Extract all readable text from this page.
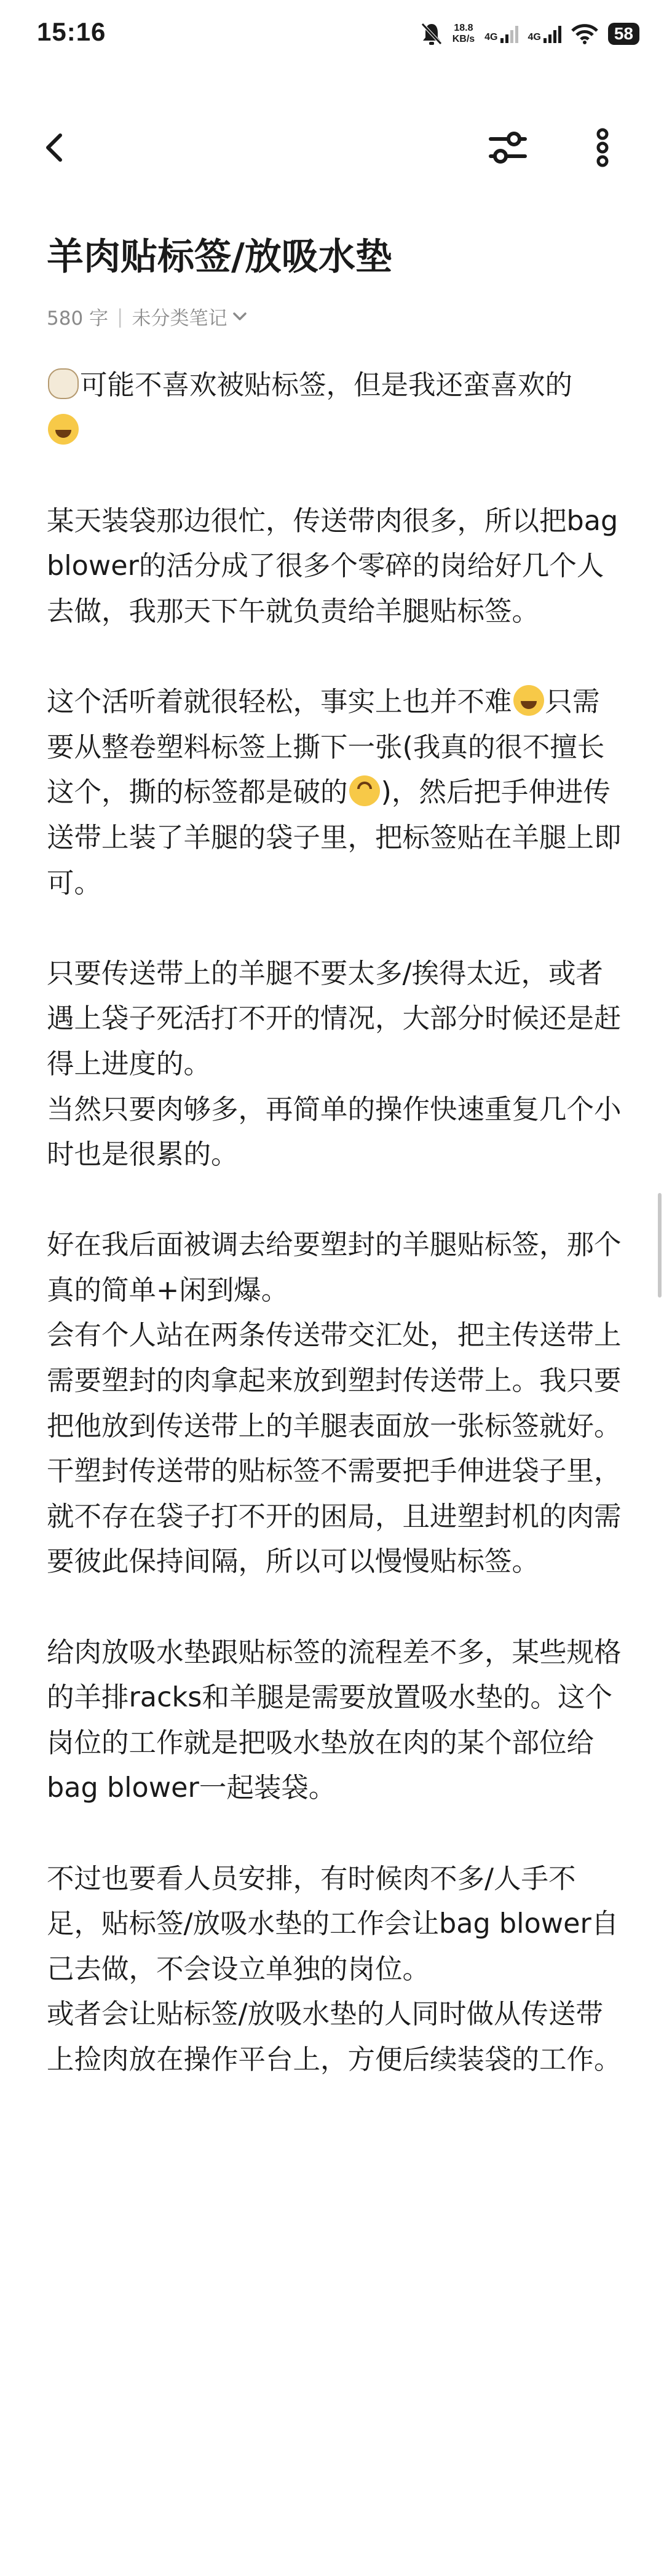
15:16	18.8
KB/s 4G	4G	58
羊肉贴标签/放吸水垫
580 字 | 未分类笔记

可能不喜欢被贴标签，但是我还蛮喜欢的

某天装袋那边很忙，传送带肉很多，所以把bag blower的活分成了很多个零碎的岗给好几个人去做，我那天下午就负责给羊腿贴标签。

这个活听着就很轻松，事实上也并不难 只需要从整卷塑料标签上撕下一张(我真的很不擅长这个，撕的标签都是破的 )，然后把手伸进传送带上装了羊腿的袋子里，把标签贴在羊腿上即可。

只要传送带上的羊腿不要太多/挨得太近，或者遇上袋子死活打不开的情况，大部分时候还是赶得上进度的。

当然只要肉够多，再简单的操作快速重复几个小时也是很累的。

好在我后面被调去给要塑封的羊腿贴标签，那个真的简单+闲到爆。

会有个人站在两条传送带交汇处，把主传送带上需要塑封的肉拿起来放到塑封传送带上。我只要把他放到传送带上的羊腿表面放一张标签就好。

干塑封传送带的贴标签不需要把手伸进袋子里，就不存在袋子打不开的困局，且进塑封机的肉需要彼此保持间隔，所以可以慢慢贴标签。

给肉放吸水垫跟贴标签的流程差不多，某些规格的羊排racks和羊腿是需要放置吸水垫的。这个岗位的工作就是把吸水垫放在肉的某个部位给bag blower一起装袋。

不过也要看人员安排，有时候肉不多/人手不足，贴标签/放吸水垫的工作会让bag blower自己去做，不会设立单独的岗位。

或者会让贴标签/放吸水垫的人同时做从传送带上捡肉放在操作平台上，方便后续装袋的工作。
